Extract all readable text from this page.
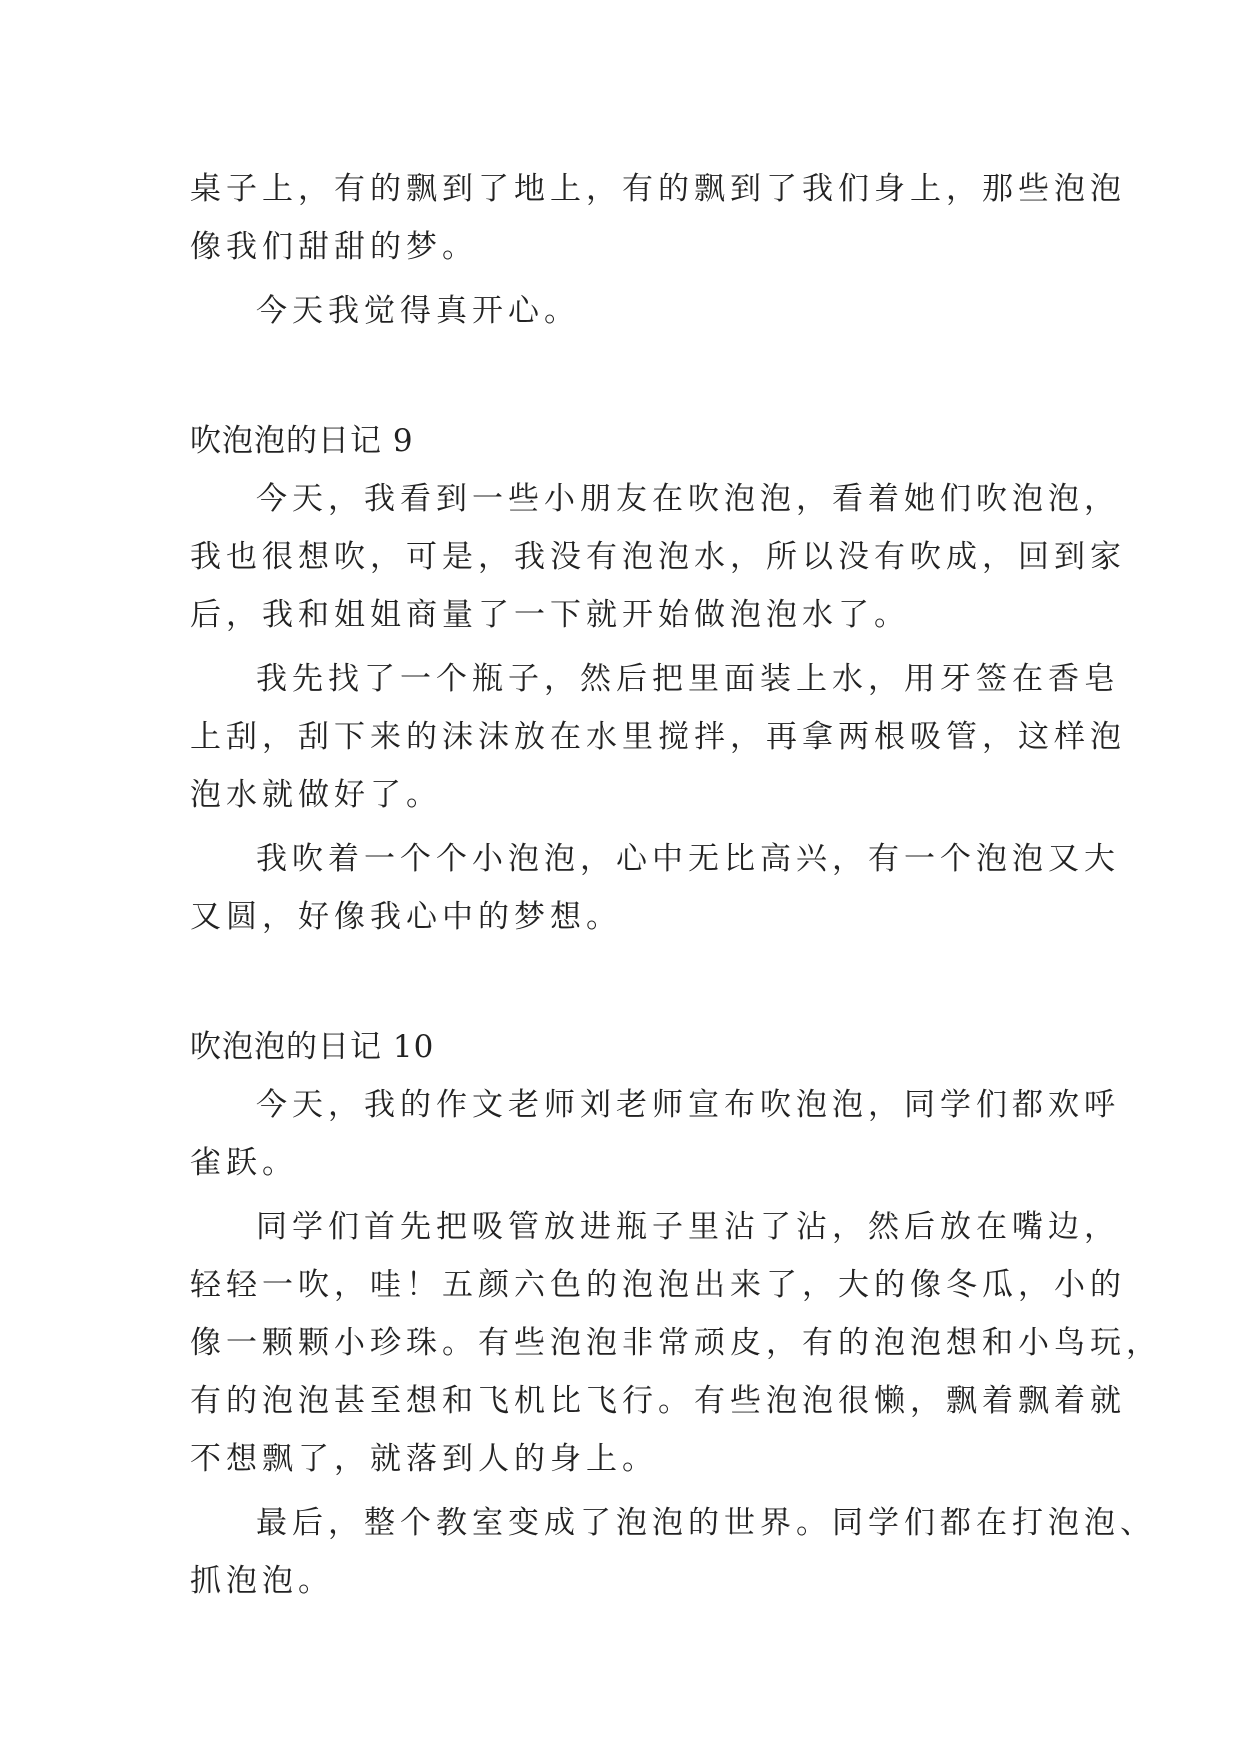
桌子上，有的飘到了地上，有的飘到了我们身上，那些泡泡

像我们甜甜的梦。

今天我觉得真开心。

吹泡泡的日记 9

今天，我看到一些小朋友在吹泡泡，看着她们吹泡泡，

我也很想吹，可是，我没有泡泡水，所以没有吹成，回到家

后，我和姐姐商量了一下就开始做泡泡水了。

我先找了一个瓶子，然后把里面装上水，用牙签在香皂

上刮，刮下来的沫沫放在水里搅拌，再拿两根吸管，这样泡

泡水就做好了。

我吹着一个个小泡泡，心中无比高兴，有一个泡泡又大

又圆，好像我心中的梦想。

吹泡泡的日记 10

今天，我的作文老师刘老师宣布吹泡泡，同学们都欢呼

雀跃。

同学们首先把吸管放进瓶子里沾了沾，然后放在嘴边，

轻轻一吹，哇！五颜六色的泡泡出来了，大的像冬瓜，小的

像一颗颗小珍珠。有些泡泡非常顽皮，有的泡泡想和小鸟玩，

有的泡泡甚至想和飞机比飞行。有些泡泡很懒，飘着飘着就

不想飘了，就落到人的身上。

最后，整个教室变成了泡泡的世界。同学们都在打泡泡、

抓泡泡。
